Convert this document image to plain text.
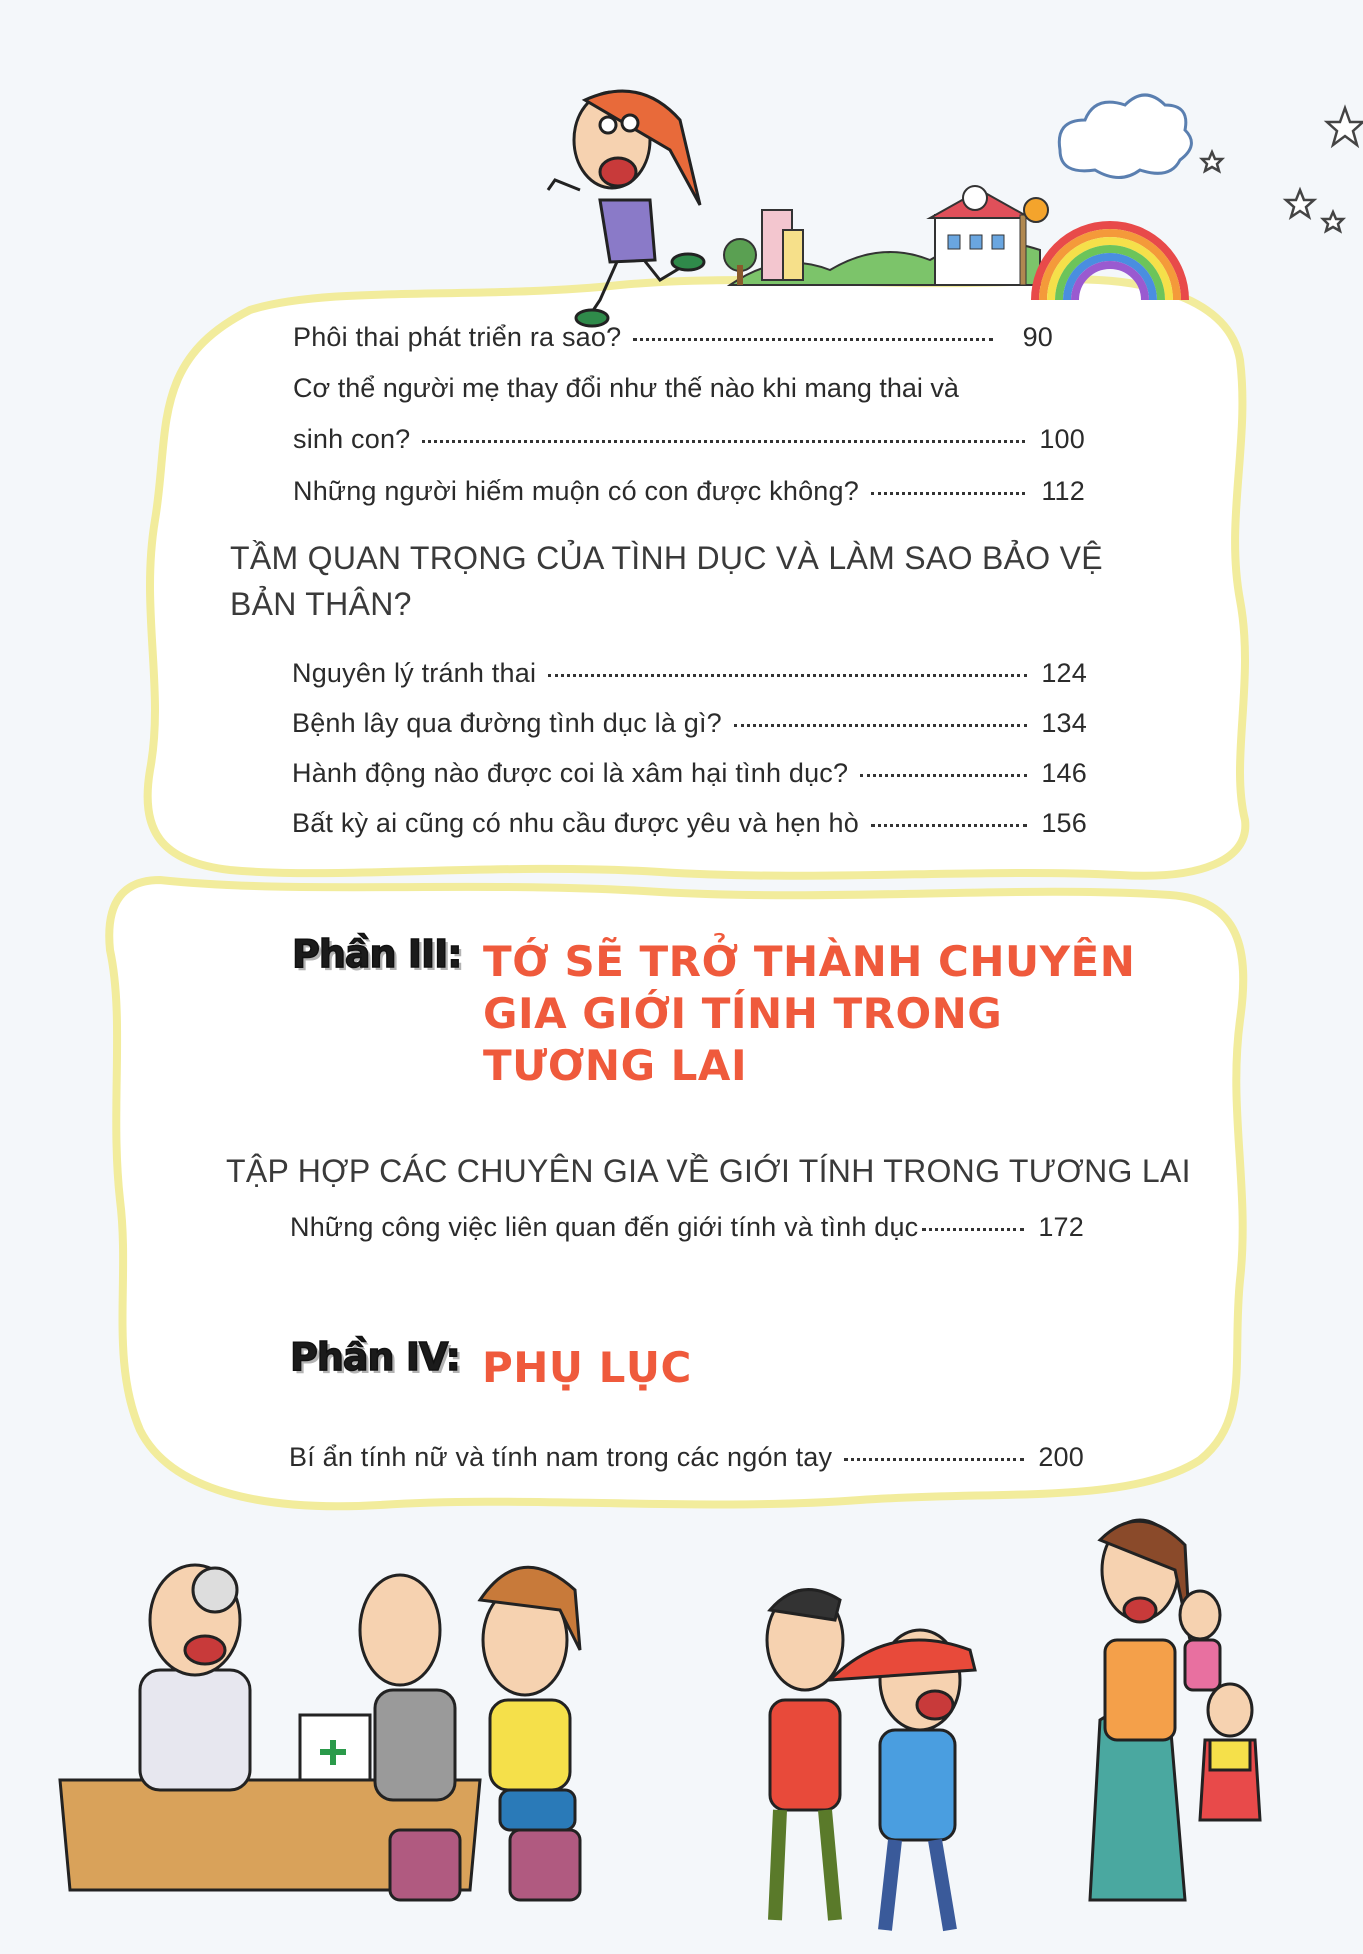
Phôi thai phát triển ra sao?	90
Cơ thể người mẹ thay đổi như thế nào khi mang thai và
sinh con?	100
Những người hiếm muộn có con được không?	112
TẦM QUAN TRỌNG CỦA TÌNH DỤC VÀ LÀM SAO BẢO VỆ
BẢN THÂN?
Nguyên lý tránh thai	124
Bệnh lây qua đường tình dục là gì?	134
Hành động nào được coi là xâm hại tình dục?	146
Bất kỳ ai cũng có nhu cầu được yêu và hẹn hò	156
Phần III: TỚ SẼ TRỞ THÀNH CHUYÊN
GIA GIỚI TÍNH TRONG
TƯƠNG LAI
TẬP HỢP CÁC CHUYÊN GIA VỀ GIỚI TÍNH TRONG TƯƠNG LAI
Những công việc liên quan đến giới tính và tình dục	172
Phần IV: PHỤ LỤC
Bí ẩn tính nữ và tính nam trong các ngón tay	200
